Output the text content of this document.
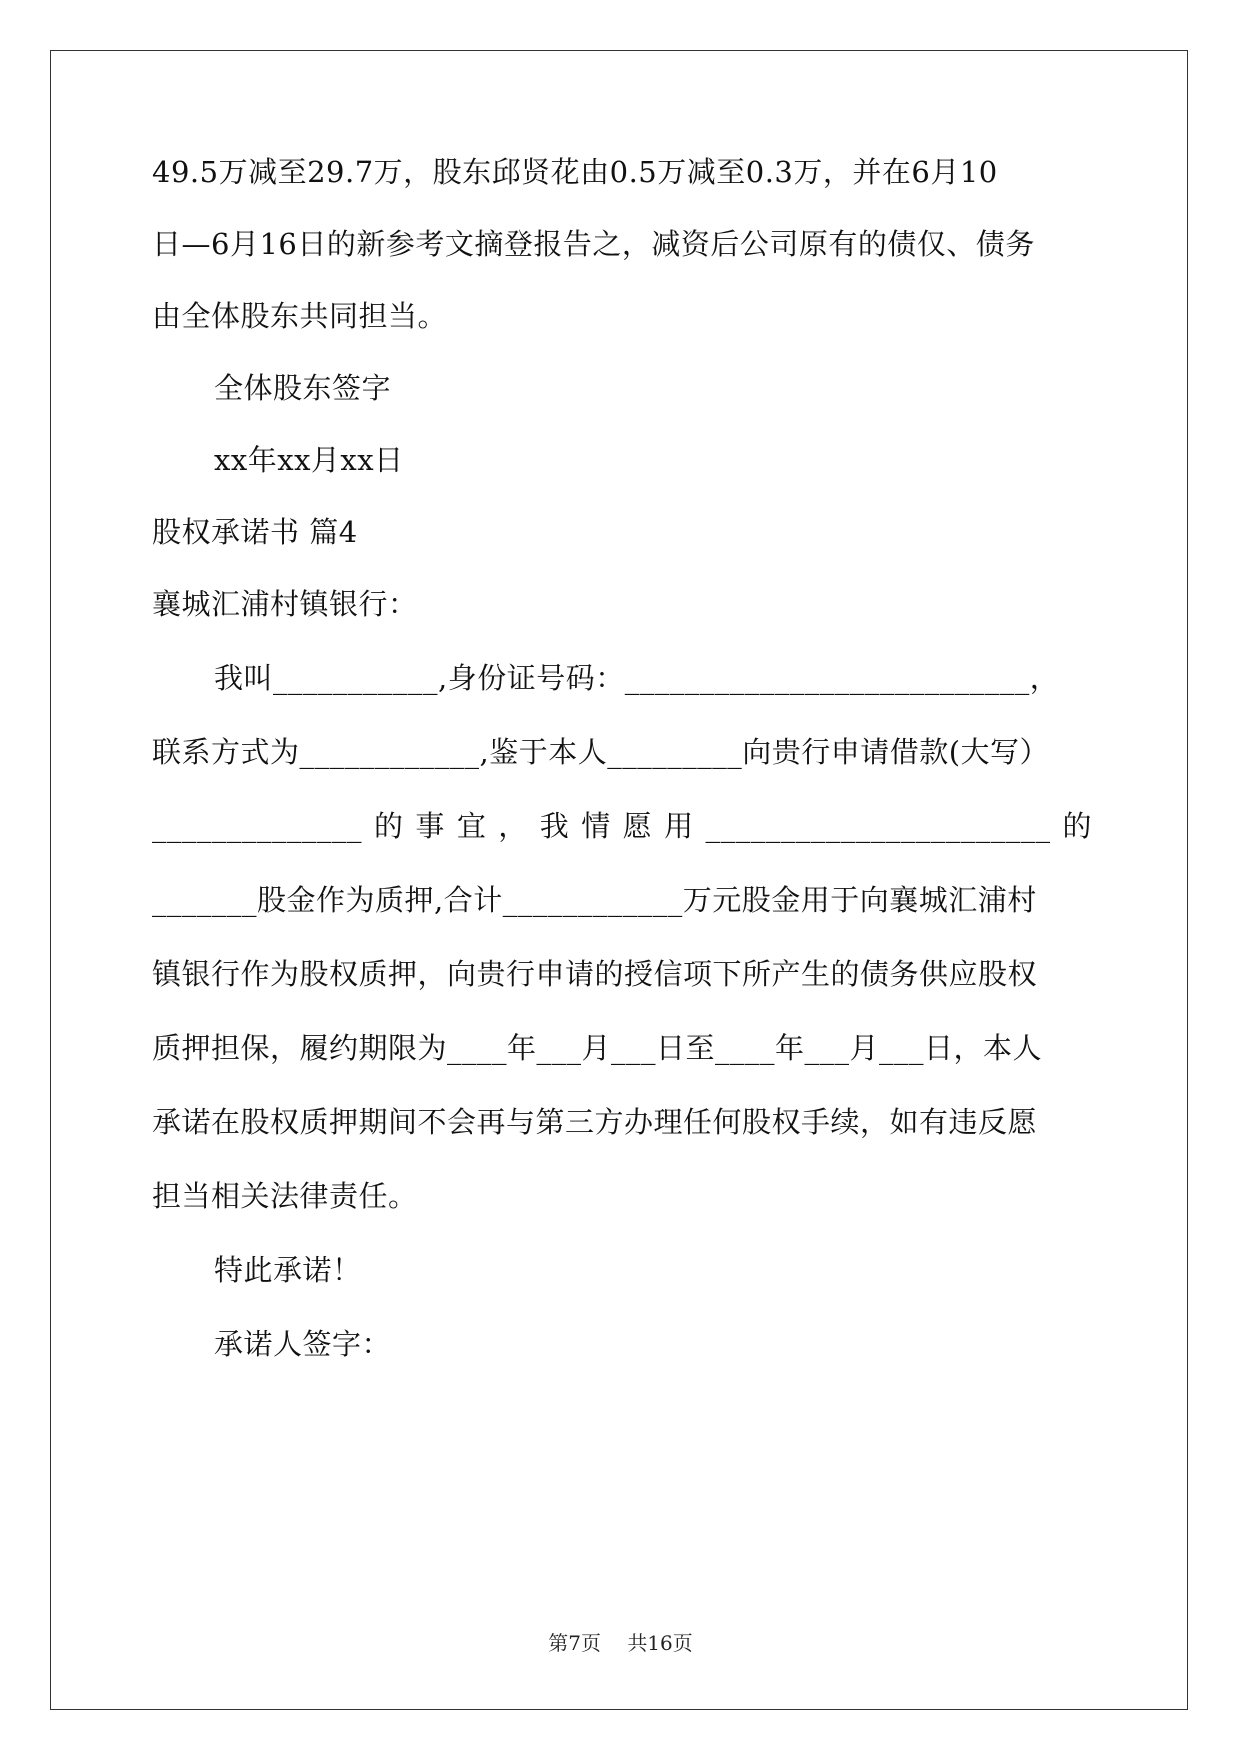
49.5万减至29.7万，股东邱贤花由0.5万减至0.3万，并在6月10
日—6月16日的新参考文摘登报告之，减资后公司原有的债仅、债务
由全体股东共同担当。
全体股东签字
xx年xx月xx日
股权承诺书 篇4
襄城汇浦村镇银行：
我叫___________,身份证号码：___________________________，
联系方式为____________,鉴于本人_________向贵行申请借款(大写）
______________的事宜，我情愿用_______________________的
_______股金作为质押,合计____________万元股金用于向襄城汇浦村
镇银行作为股权质押，向贵行申请的授信项下所产生的债务供应股权
质押担保，履约期限为____年___月___日至____年___月___日，本人
承诺在股权质押期间不会再与第三方办理任何股权手续，如有违反愿
担当相关法律责任。
特此承诺！
承诺人签字：
第7页 共16页
